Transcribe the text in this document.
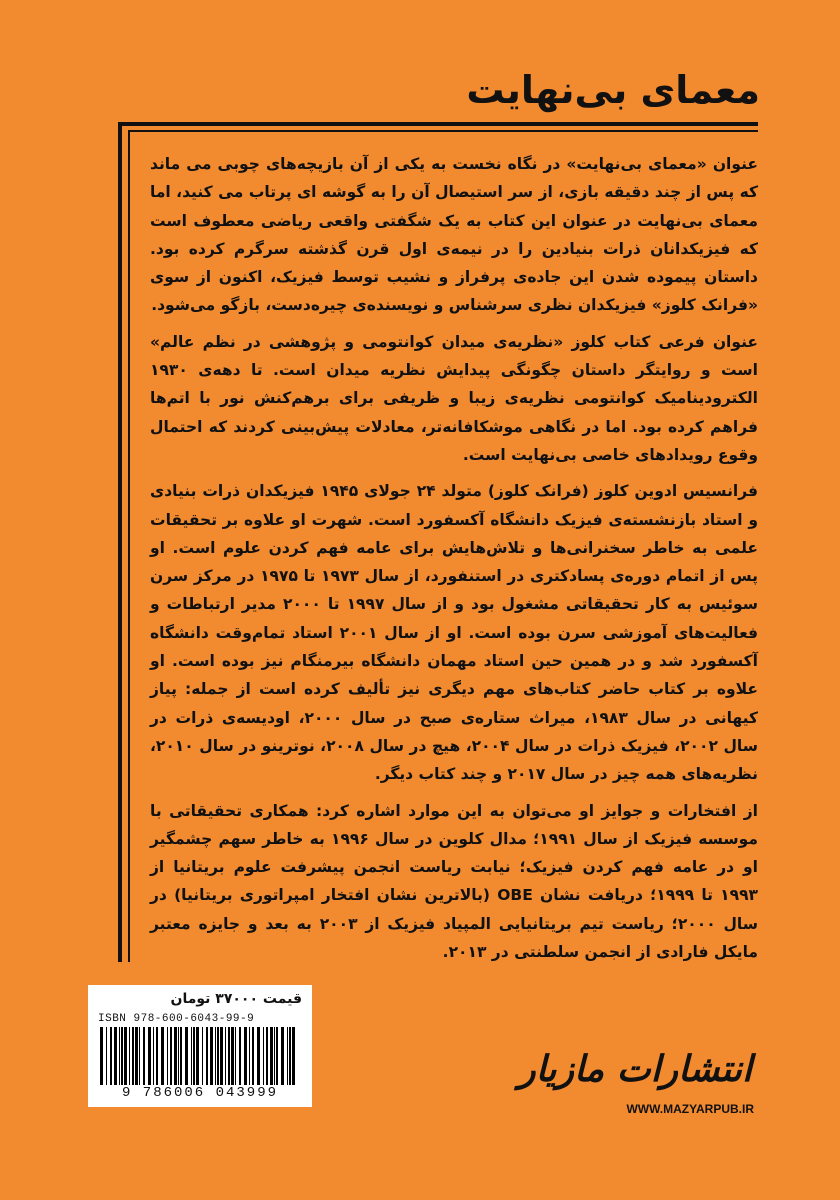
معمای بی‌نهایت

عنوان «معمای بی‌نهایت» در نگاه نخست به یکی از آن بازیچه‌های چوبی می ماند که پس از چند دقیقه بازی، از سر استیصال آن را به گوشه ای پرتاب می کنید، اما معمای بی‌نهایت در عنوان این کتاب به یک شگفتی واقعی ریاضی معطوف است که فیزیکدانان ذرات بنیادین را در نیمه‌ی اول قرن گذشته سرگرم کرده بود. داستان پیموده شدن این جاده‌ی پرفراز و نشیب توسط فیزیک، اکنون از سوی «فرانک کلوز» فیزیکدان نظری سرشناس و نویسنده‌ی چیره‌دست، بازگو می‌شود.

عنوان فرعی کتاب کلوز «نظریه‌ی میدان کوانتومی و پژوهشی در نظم عالم» است و روایتگر داستان چگونگی پیدایش نظریه میدان است. تا دهه‌ی ۱۹۳۰ الکترودینامیک کوانتومی نظریه‌ی زیبا و ظریفی برای برهم‌کنش نور با اتم‌ها فراهم کرده بود. اما در نگاهی موشکافانه‌تر، معادلات پیش‌بینی کردند که احتمال وقوع رویدادهای خاصی بی‌نهایت است.

فرانسیس ادوین کلوز (فرانک کلوز) متولد ۲۴ جولای ۱۹۴۵ فیزیکدان ذرات بنیادی و استاد بازنشسته‌ی فیزیک دانشگاه آکسفورد است. شهرت او علاوه بر تحقیقات علمی به خاطر سخنرانی‌ها و تلاش‌هایش برای عامه فهم کردن علوم است. او پس از اتمام دوره‌ی پسادکتری در استنفورد، از سال ۱۹۷۳ تا ۱۹۷۵ در مرکز سرن سوئیس به کار تحقیقاتی مشغول بود و از سال ۱۹۹۷ تا ۲۰۰۰ مدیر ارتباطات و فعالیت‌های آموزشی سرن بوده است. او از سال ۲۰۰۱ استاد تمام‌وقت دانشگاه آکسفورد شد و در همین حین استاد مهمان دانشگاه بیرمنگام نیز بوده است. او علاوه بر کتاب حاضر کتاب‌های مهم دیگری نیز تألیف کرده است از جمله: پیاز کیهانی در سال ۱۹۸۳، میراث ستاره‌ی صبح در سال ۲۰۰۰، اودیسه‌ی ذرات در سال ۲۰۰۲، فیزیک ذرات در سال ۲۰۰۴، هیچ در سال ۲۰۰۸، نوترینو در سال ۲۰۱۰، نظریه‌های همه چیز در سال ۲۰۱۷ و چند کتاب دیگر.

از افتخارات و جوایز او می‌توان به این موارد اشاره کرد: همکاری تحقیقاتی با موسسه فیزیک از سال ۱۹۹۱؛ مدال کلوین در سال ۱۹۹۶ به خاطر سهم چشمگیر او در عامه فهم کردن فیزیک؛ نیابت ریاست انجمن پیشرفت علوم بریتانیا از ۱۹۹۳ تا ۱۹۹۹؛ دریافت نشان OBE (بالاترین نشان افتخار امپراتوری بریتانیا) در سال ۲۰۰۰؛ ریاست تیم بریتانیایی المپیاد فیزیک از ۲۰۰۳ به بعد و جایزه معتبر مایکل فارادی از انجمن سلطنتی در ۲۰۱۳.

قیمت ۳۷۰۰۰ تومان
ISBN 978-600-6043-99-9
9 786006 043999
انتشارات مازیار
WWW.MAZYARPUB.IR
